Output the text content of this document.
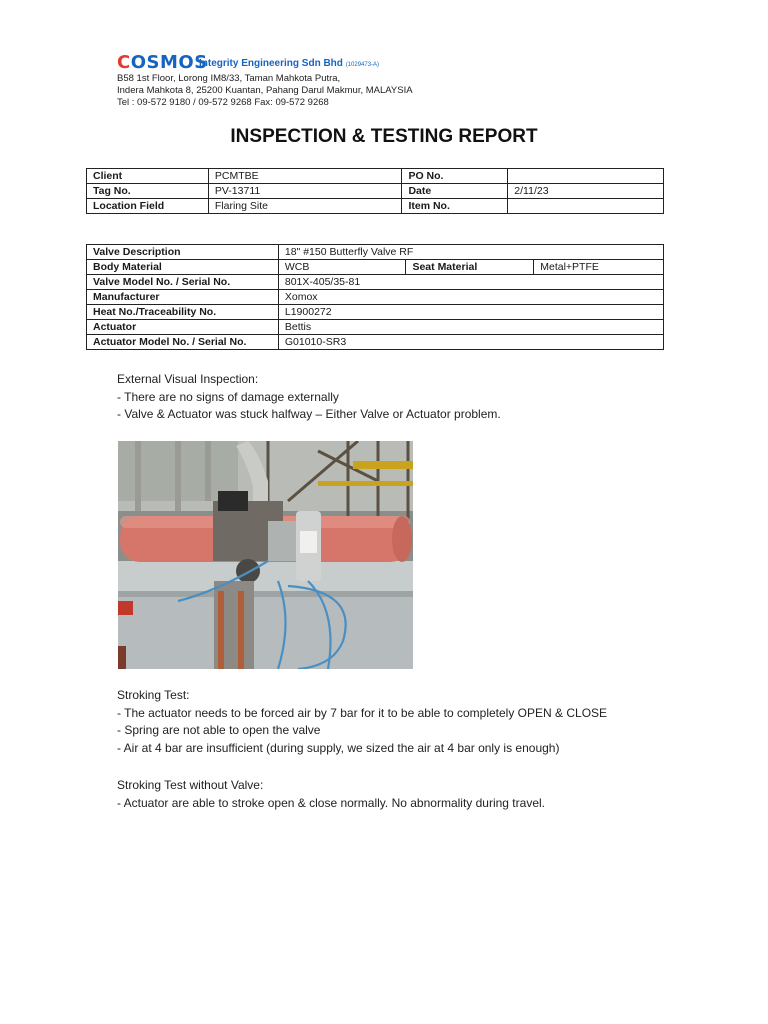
COSMOS
Integrity Engineering Sdn Bhd (1029473-A)
B58 1st Floor, Lorong IM8/33, Taman Mahkota Putra,
Indera Mahkota 8, 25200 Kuantan, Pahang Darul Makmur, MALAYSIA
Tel : 09-572 9180 / 09-572 9268 Fax: 09-572 9268
INSPECTION & TESTING REPORT
Client	PCMTBE	PO No.	
Tag No.	PV-13711	Date	2/11/23
Location Field	Flaring Site	Item No.	
Valve Description	18" #150 Butterfly Valve RF		
Body Material	WCB	Seat Material	Metal+PTFE
Valve Model No. / Serial No.	801X-405/35-81		
Manufacturer	Xomox		
Heat No./Traceability No.	L1900272		
Actuator	Bettis		
Actuator Model No. / Serial No.	G01010-SR3		
External Visual Inspection:
- There are no signs of damage externally
- Valve & Actuator was stuck halfway – Either Valve or Actuator problem.
Stroking Test:
- The actuator needs to be forced air by 7 bar for it to be able to completely OPEN & CLOSE
- Spring are not able to open the valve
- Air at 4 bar are insufficient (during supply, we sized the air at 4 bar only is enough)
Stroking Test without Valve:
- Actuator are able to stroke open & close normally. No abnormality during travel.
